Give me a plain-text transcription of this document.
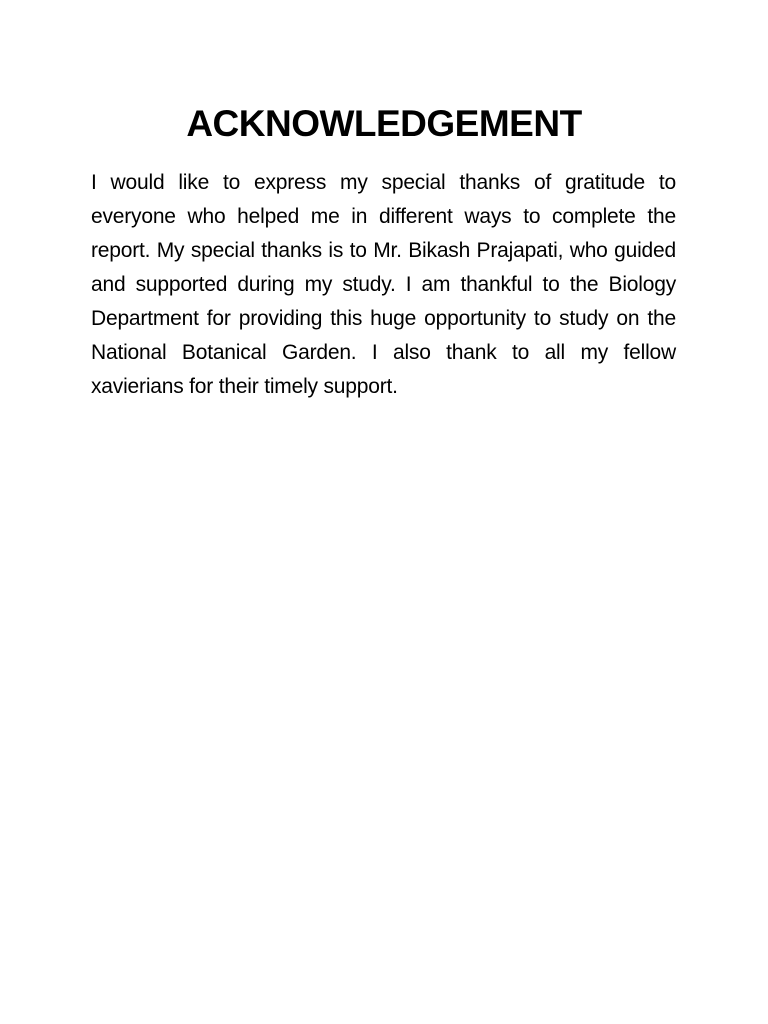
ACKNOWLEDGEMENT

I would like to express my special thanks of gratitude to everyone who helped me in different ways to complete the report. My special thanks is to Mr. Bikash Prajapati, who guided and supported during my study. I am thankful to the Biology Department for providing this huge opportunity to study on the National Botanical Garden. I also thank to all my fellow xavierians for their timely support.
